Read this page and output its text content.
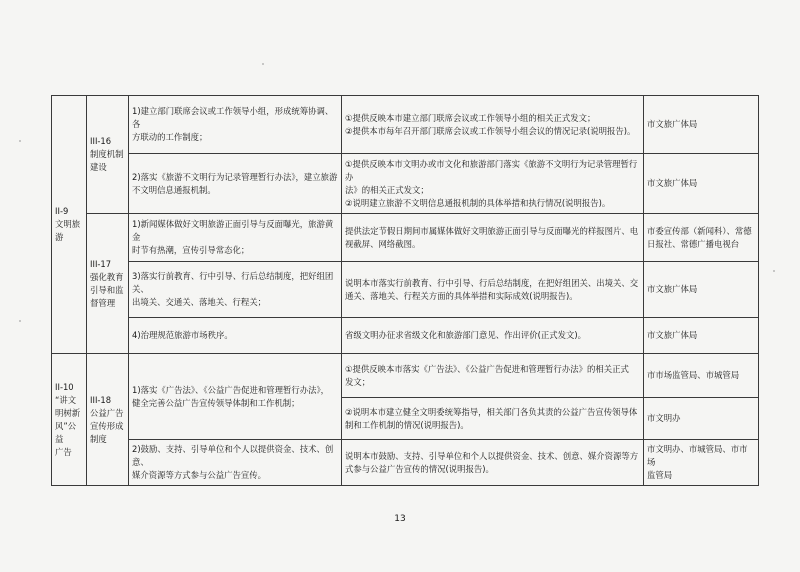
II-9
文明旅
游	III-16
制度机制
建设	1)建立部门联席会议或工作领导小组，形成统筹协调、各
方联动的工作制度；	①提供反映本市建立部门联席会议或工作领导小组的相关正式发文；
②提供本市每年召开部门联席会议或工作领导小组会议的情况记录(说明报告)。	市文旅广体局

		2)落实《旅游不文明行为记录管理暂行办法》，建立旅游
不文明信息通报机制。	①提供反映本市文明办或市文化和旅游部门落实《旅游不文明行为记录管理暂行办
法》的相关正式发文；
②说明建立旅游不文明信息通报机制的具体举措和执行情况(说明报告)。	市文旅广体局

	III-17
强化教育
引导和监
督管理	1)新闻媒体做好文明旅游正面引导与反面曝光，旅游黄金
时节有热潮，宣传引导常态化；	提供法定节假日期间市属媒体做好文明旅游正面引导与反面曝光的样报图片、电
视截屏、网络截图。	市委宣传部（新闻科）、常德
日报社、常德广播电视台

		3)落实行前教育、行中引导、行后总结制度，把好组团关、
出境关、交通关、落地关、行程关；	说明本市落实行前教育、行中引导、行后总结制度，在把好组团关、出境关、交
通关、落地关、行程关方面的具体举措和实际成效(说明报告)。	市文旅广体局

		4)治理规范旅游市场秩序。	省级文明办征求省级文化和旅游部门意见、作出评价(正式发文)。	市文旅广体局

II-10
“讲文
明树新
风”公益
广告	III-18
公益广告
宣传形成
制度	1)落实《广告法》、《公益广告促进和管理暂行办法》，
健全完善公益广告宣传领导体制和工作机制；	①提供反映本市落实《广告法》、《公益广告促进和管理暂行办法》的相关正式
发文；	市市场监管局、市城管局

			②说明本市建立健全文明委统筹指导，相关部门各负其责的公益广告宣传领导体
制和工作机制的情况(说明报告)。	市文明办

		2)鼓励、支持、引导单位和个人以提供资金、技术、创意、
媒介资源等方式参与公益广告宣传。	说明本市鼓励、支持、引导单位和个人以提供资金、技术、创意、媒介资源等方
式参与公益广告宣传的情况(说明报告)。	市文明办、市城管局、市市场
监管局
13
